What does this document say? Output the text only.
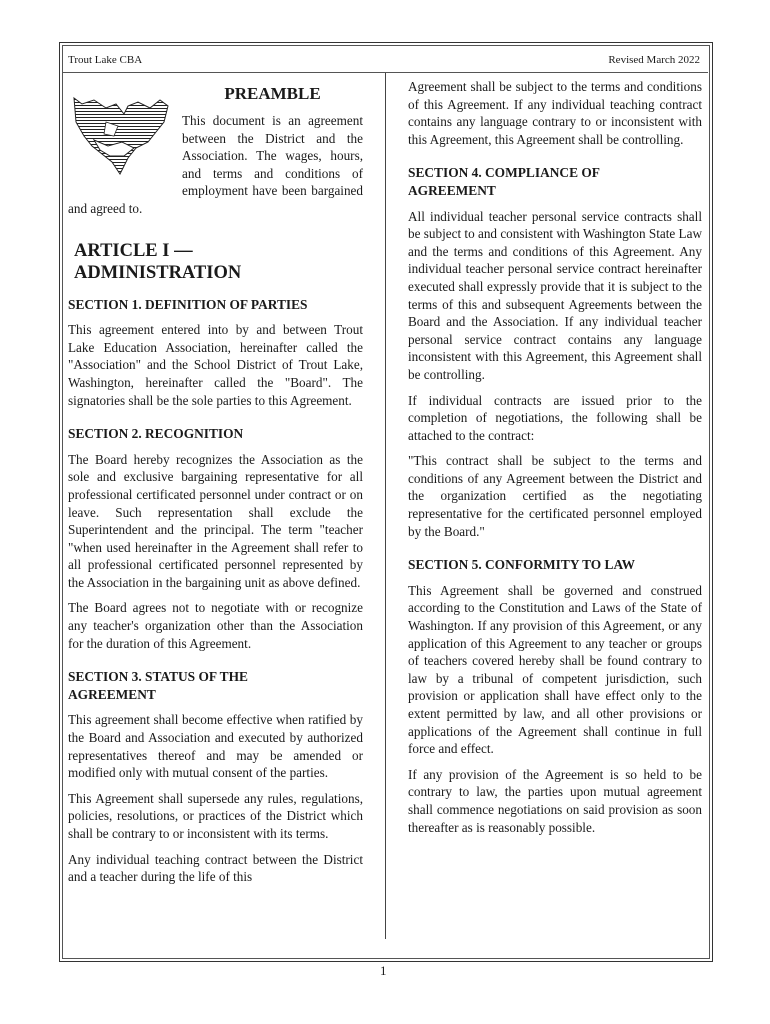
Trout Lake CBA	Revised March 2022
PREAMBLE

This document is an agreement between the District and the Association. The wages, hours, and terms and conditions of employment have been bargained and agreed to.

ARTICLE I — ADMINISTRATION
SECTION 1. DEFINITION OF PARTIES

This agreement entered into by and between Trout Lake Education Association, hereinafter called the "Association" and the School District of Trout Lake, Washington, hereinafter called the "Board". The signatories shall be the sole parties to this Agreement.

SECTION 2. RECOGNITION

The Board hereby recognizes the Association as the sole and exclusive bargaining representative for all professional certificated personnel under contract or on leave. Such representation shall exclude the Superintendent and the principal. The term "teacher "when used hereinafter in the Agreement shall refer to all professional certificated personnel represented by the Association in the bargaining unit as above defined.

The Board agrees not to negotiate with or recognize any teacher's organization other than the Association for the duration of this Agreement.

SECTION 3. STATUS OF THE AGREEMENT

This agreement shall become effective when ratified by the Board and Association and executed by authorized representatives thereof and may be amended or modified only with mutual consent of the parties.

This Agreement shall supersede any rules, regulations, policies, resolutions, or practices of the District which shall be contrary to or inconsistent with its terms.

Any individual teaching contract between the District and a teacher during the life of this

Agreement shall be subject to the terms and conditions of this Agreement. If any individual teaching contract contains any language contrary to or inconsistent with this Agreement, this Agreement shall be controlling.

SECTION 4. COMPLIANCE OF AGREEMENT

All individual teacher personal service contracts shall be subject to and consistent with Washington State Law and the terms and conditions of this Agreement. Any individual teacher personal service contract hereinafter executed shall expressly provide that it is subject to the terms of this and subsequent Agreements between the Board and the Association. If any individual teacher personal service contract contains any language inconsistent with this Agreement, this Agreement shall be controlling.

If individual contracts are issued prior to the completion of negotiations, the following shall be attached to the contract:

"This contract shall be subject to the terms and conditions of any Agreement between the District and the organization certified as the negotiating representative for the certificated personnel employed by the Board."

SECTION 5. CONFORMITY TO LAW

This Agreement shall be governed and construed according to the Constitution and Laws of the State of Washington. If any provision of this Agreement, or any application of this Agreement to any teacher or groups of teachers covered hereby shall be found contrary to law by a tribunal of competent jurisdiction, such provision or application shall have effect only to the extent permitted by law, and all other provisions or applications of the Agreement shall continue in full force and effect.

If any provision of the Agreement is so held to be contrary to law, the parties upon mutual agreement shall commence negotiations on said provision as soon thereafter as is reasonably possible.

1
